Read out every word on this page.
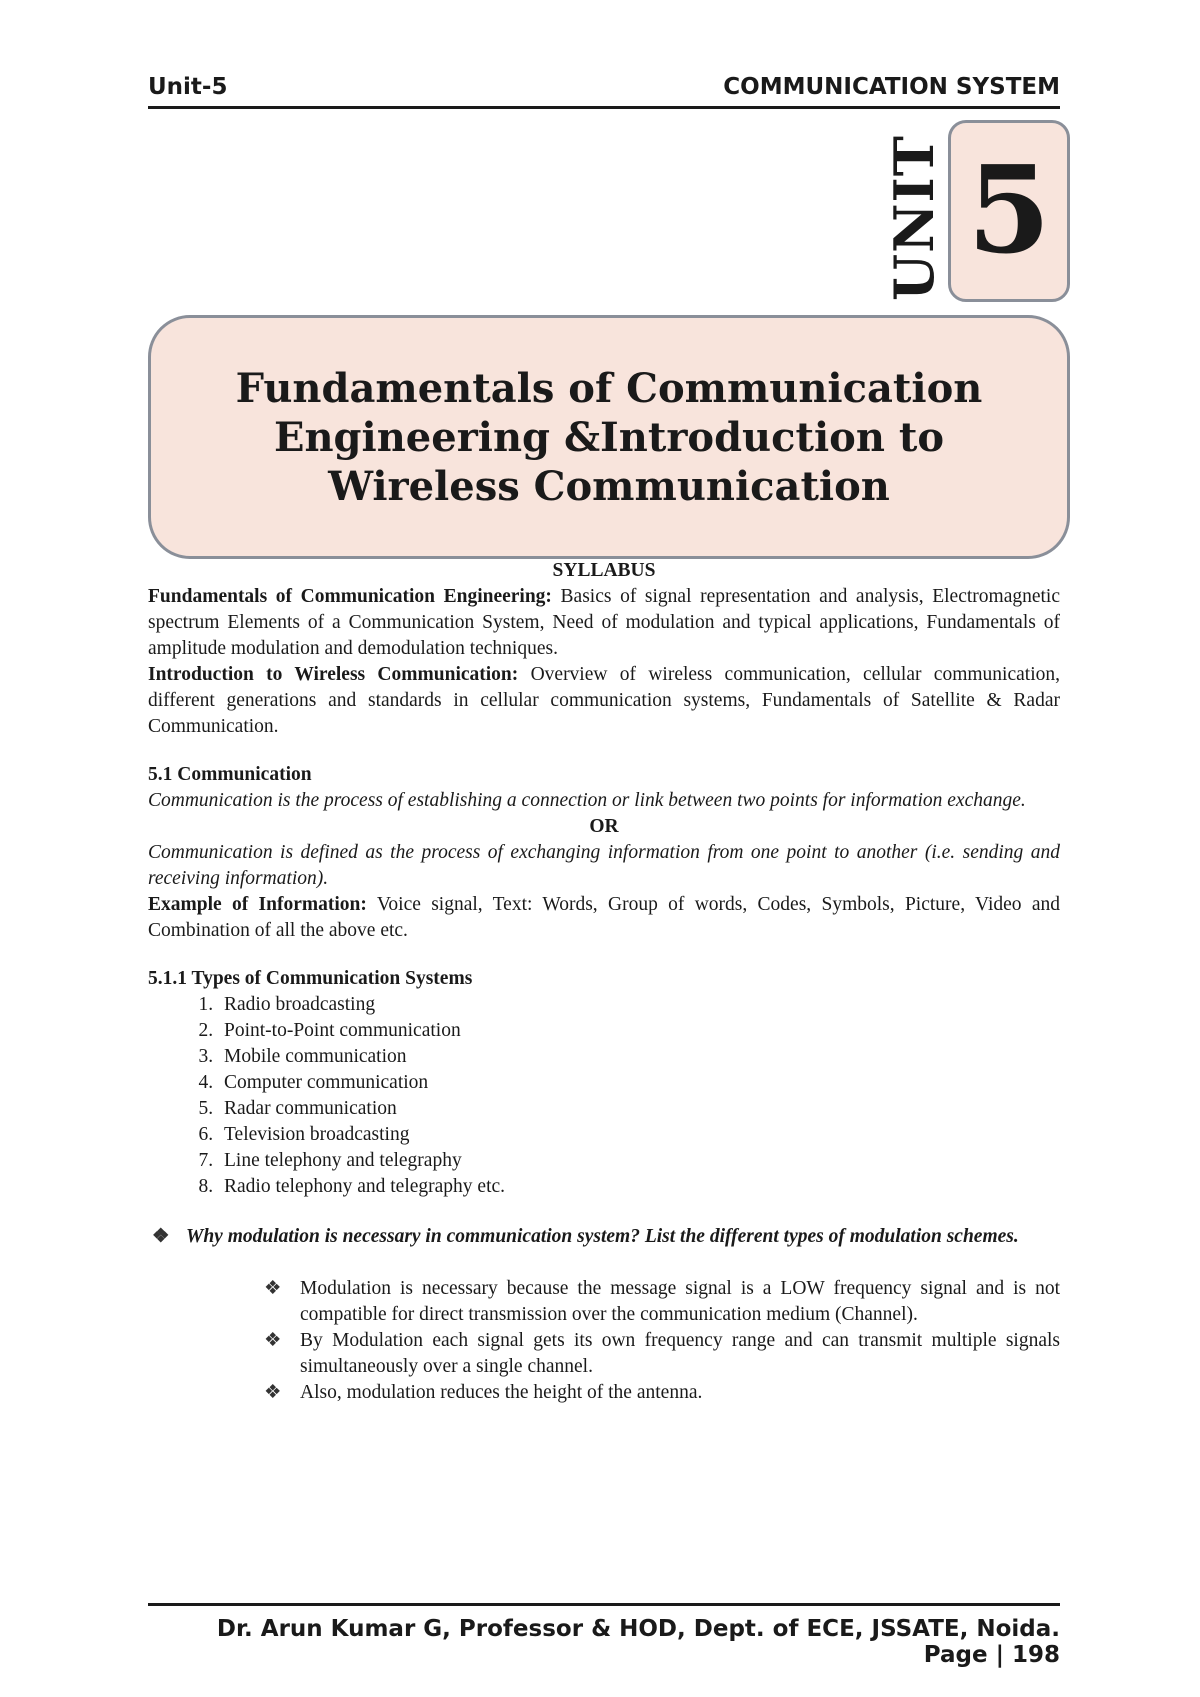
Unit-5	COMMUNICATION SYSTEM
UNIT 5
Fundamentals of Communication Engineering &Introduction to Wireless Communication

SYLLABUS

Fundamentals of Communication Engineering: Basics of signal representation and analysis, Electromagnetic spectrum Elements of a Communication System, Need of modulation and typical applications, Fundamentals of amplitude modulation and demodulation techniques.

Introduction to Wireless Communication: Overview of wireless communication, cellular communication, different generations and standards in cellular communication systems, Fundamentals of Satellite & Radar Communication.

5.1 Communication

Communication is the process of establishing a connection or link between two points for information exchange.

OR

Communication is defined as the process of exchanging information from one point to another (i.e. sending and receiving information).

Example of Information: Voice signal, Text: Words, Group of words, Codes, Symbols, Picture, Video and Combination of all the above etc.

5.1.1 Types of Communication Systems

1. Radio broadcasting
2. Point-to-Point communication
3. Mobile communication
4. Computer communication
5. Radar communication
6. Television broadcasting
7. Line telephony and telegraphy
8. Radio telephony and telegraphy etc.

❖ Why modulation is necessary in communication system? List the different types of modulation schemes.

❖ Modulation is necessary because the message signal is a LOW frequency signal and is not compatible for direct transmission over the communication medium (Channel).
❖ By Modulation each signal gets its own frequency range and can transmit multiple signals simultaneously over a single channel.
❖ Also, modulation reduces the height of the antenna.
Dr. Arun Kumar G, Professor & HOD, Dept. of ECE, JSSATE, Noida. Page | 198
